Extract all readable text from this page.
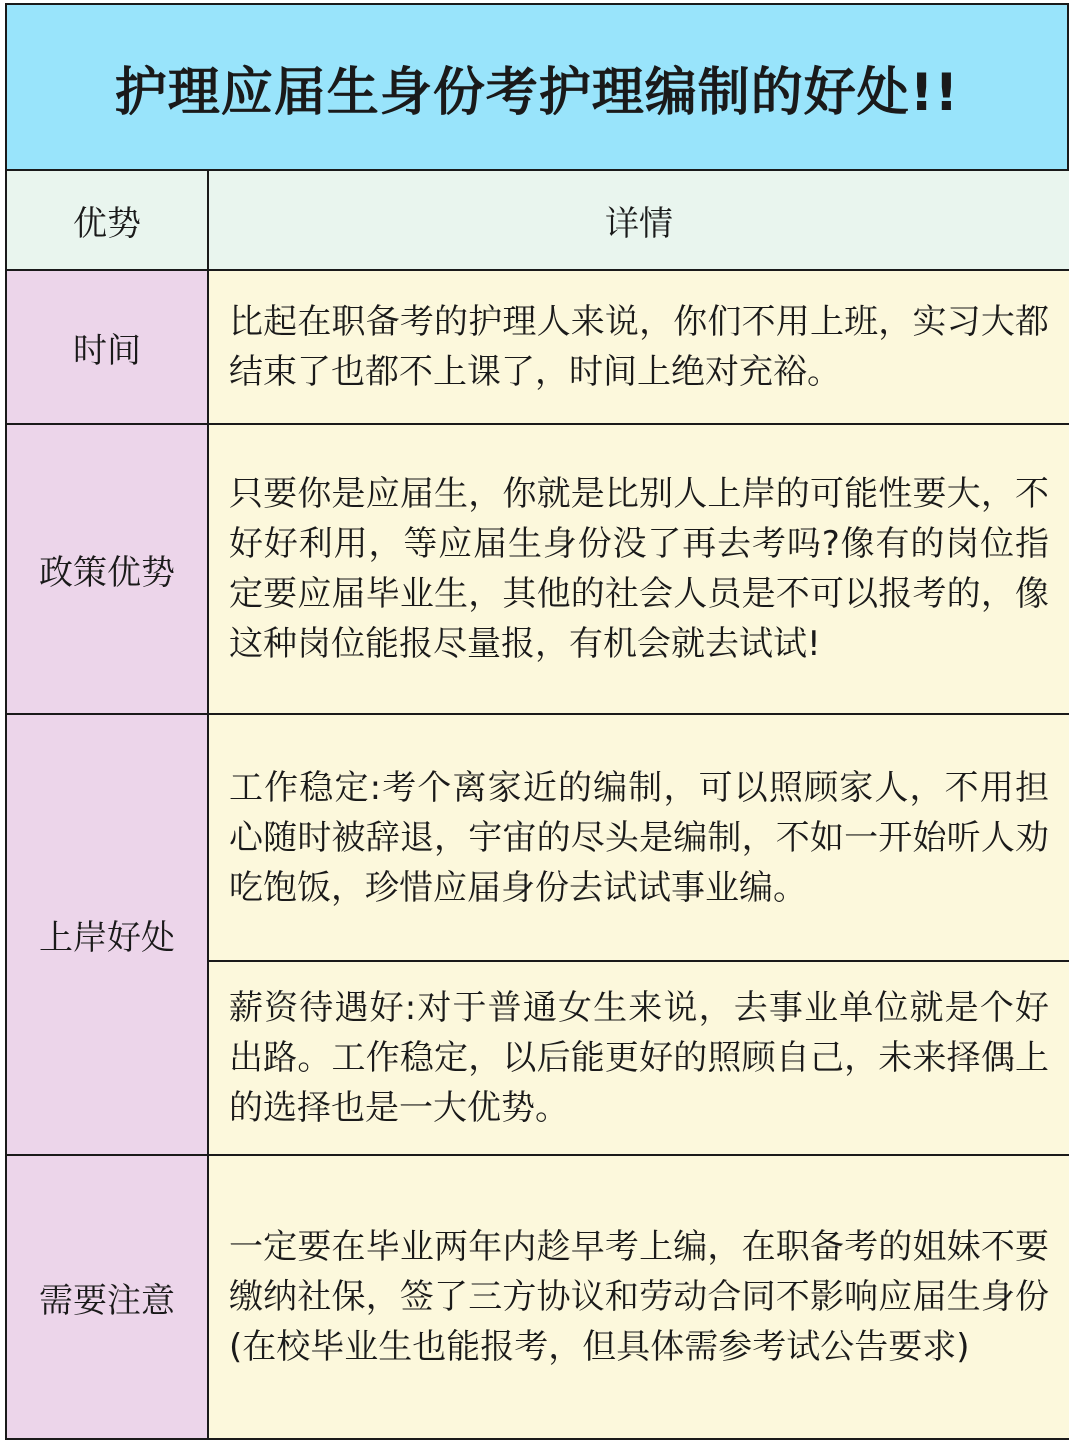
护理应届生身份考护理编制的好处!!
优势	详情
时间
比起在职备考的护理人来说，你们不用上班，实习大都结束了也都不上课了，时间上绝对充裕。
政策优势
只要你是应届生，你就是比别人上岸的可能性要大，不好好利用，等应届生身份没了再去考吗?像有的岗位指定要应届毕业生，其他的社会人员是不可以报考的，像这种岗位能报尽量报，有机会就去试试!
上岸好处
工作稳定:考个离家近的编制，可以照顾家人，不用担心随时被辞退，宇宙的尽头是编制，不如一开始听人劝吃饱饭，珍惜应届身份去试试事业编。
薪资待遇好:对于普通女生来说，去事业单位就是个好出路。工作稳定，以后能更好的照顾自己，未来择偶上的选择也是一大优势。
需要注意
一定要在毕业两年内趁早考上编，在职备考的姐妹不要缴纳社保，签了三方协议和劳动合同不影响应届生身份(在校毕业生也能报考，但具体需参考试公告要求)
